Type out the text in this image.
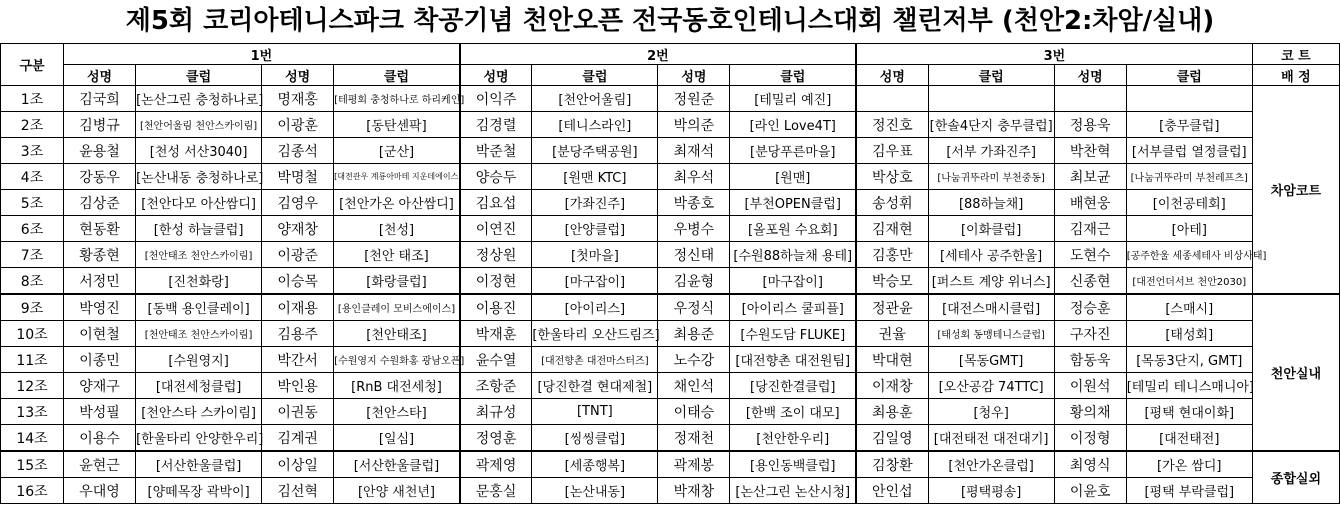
제5회 코리아테니스파크 착공기념 천안오픈 전국동호인테니스대회 챌린저부 (천안2:차암/실내)
구분	1번				2번				3번				코 트
	성명	클럽	성명	클럽	성명	클럽	성명	클럽	성명	클럽	성명	클럽	배 정
1조	김국희	[논산그린 충청하나로]	명재홍	[테평회 충청하나로 하리케인]	이익주	[천안어울림]	정원준	[테밀리 예진]					차암코트
2조	김병규	[천안어울림 천안스카이림]	이광훈	[동탄센팍]	김경렬	[테니스라인]	박의준	[라인 Love4T]	정진호	[한솔4단지 충무클럽]	정용욱	[충무클럽]	
3조	윤용철	[천성 서산3040]	김종석	[군산]	박준철	[분당주택공원]	최재석	[분당푸른마을]	김우표	[서부 가좌진주]	박찬혁	[서부클럽 열정클럽]	
4조	강동우	[논산내동 충청하나로]	박명철	[대전관우 계룡아마테 지운데에이스]	양승두	[원맨 KTC]	최우석	[원맨]	박상호	[나눔귀뚜라미 부천중동]	최보균	[나눔귀뚜라미 부천레프츠]	
5조	김상준	[천안다모 아산쌈디]	김영우	[천안가온 아산쌈디]	김요섭	[가좌진주]	박종호	[부천OPEN클럽]	송성휘	[88하늘채]	배현웅	[이천공테회]	
6조	현동환	[한성 하늘클럽]	양재창	[천성]	이연진	[안양클럽]	우병수	[올포원 수요회]	김재현	[이화클럽]	김재근	[아테]	
7조	황종현	[천안태조 천안스카이림]	이광준	[천안 태조]	정상원	[첫마을]	정신태	[수원88하늘채 용테]	김홍만	[세테사 공주한울]	도현수	[공주한울 세종세테사 비상사태]	
8조	서정민	[진천화랑]	이승목	[화랑클럽]	이정현	[마구잡이]	김윤형	[마구잡이]	박승모	[퍼스트 계양 위너스]	신종현	[대전언더서브 천안2030]	
9조	박영진	[동백 용인클레이]	이재용	[용인클레이 모비스에이스]	이용진	[아이리스]	우정식	[아이리스 쿨피플]	정관윤	[대전스매시클럽]	정승훈	[스매시]	천안실내
10조	이현철	[천안태조 천안스카이림]	김용주	[천안태조]	박재훈	[한울타리 오산드림즈]	최용준	[수원도담 FLUKE]	권율	[태성회 동맹테니스클럽]	구자진	[태성회]	
11조	이종민	[수원영지]	박간서	[수원영지 수원화홍 광남오픈]	윤수열	[대전향촌 대전마스터즈]	노수강	[대전향촌 대전원팀]	박대현	[목동GMT]	함동욱	[목동3단지, GMT]	
12조	양재구	[대전세청클럽]	박인용	[RnB 대전세청]	조항준	[당진한결 현대제철]	채인석	[당진한결클럽]	이재창	[오산공감 74TTC]	이원석	[테밀리 테니스매니아]	
13조	박성필	[천안스타 스카이림]	이권동	[천안스타]	최규성	[TNT]	이태승	[한백 조이 대모]	최용훈	[청우]	황의채	[평택 현대이화]	
14조	이용수	[한울타리 안양한우리]	김계권	[일심]	정영훈	[씽씽클럽]	정재천	[천안한우리]	김일영	[대전태전 대전대기]	이정형	[대전태전]	
15조	윤현근	[서산한울클럽]	이상일	[서산한울클럽]	곽제영	[세종행복]	곽제봉	[용인동백클럽]	김창환	[천안가온클럽]	최영식	[가온 쌈디]	종합실외
16조	우대영	[양떼목장 곽박이]	김선혁	[안양 새천년]	문홍실	[논산내동]	박재창	[논산그린 논산시청]	안인섭	[평택평송]	이윤호	[평택 부락클럽]	
